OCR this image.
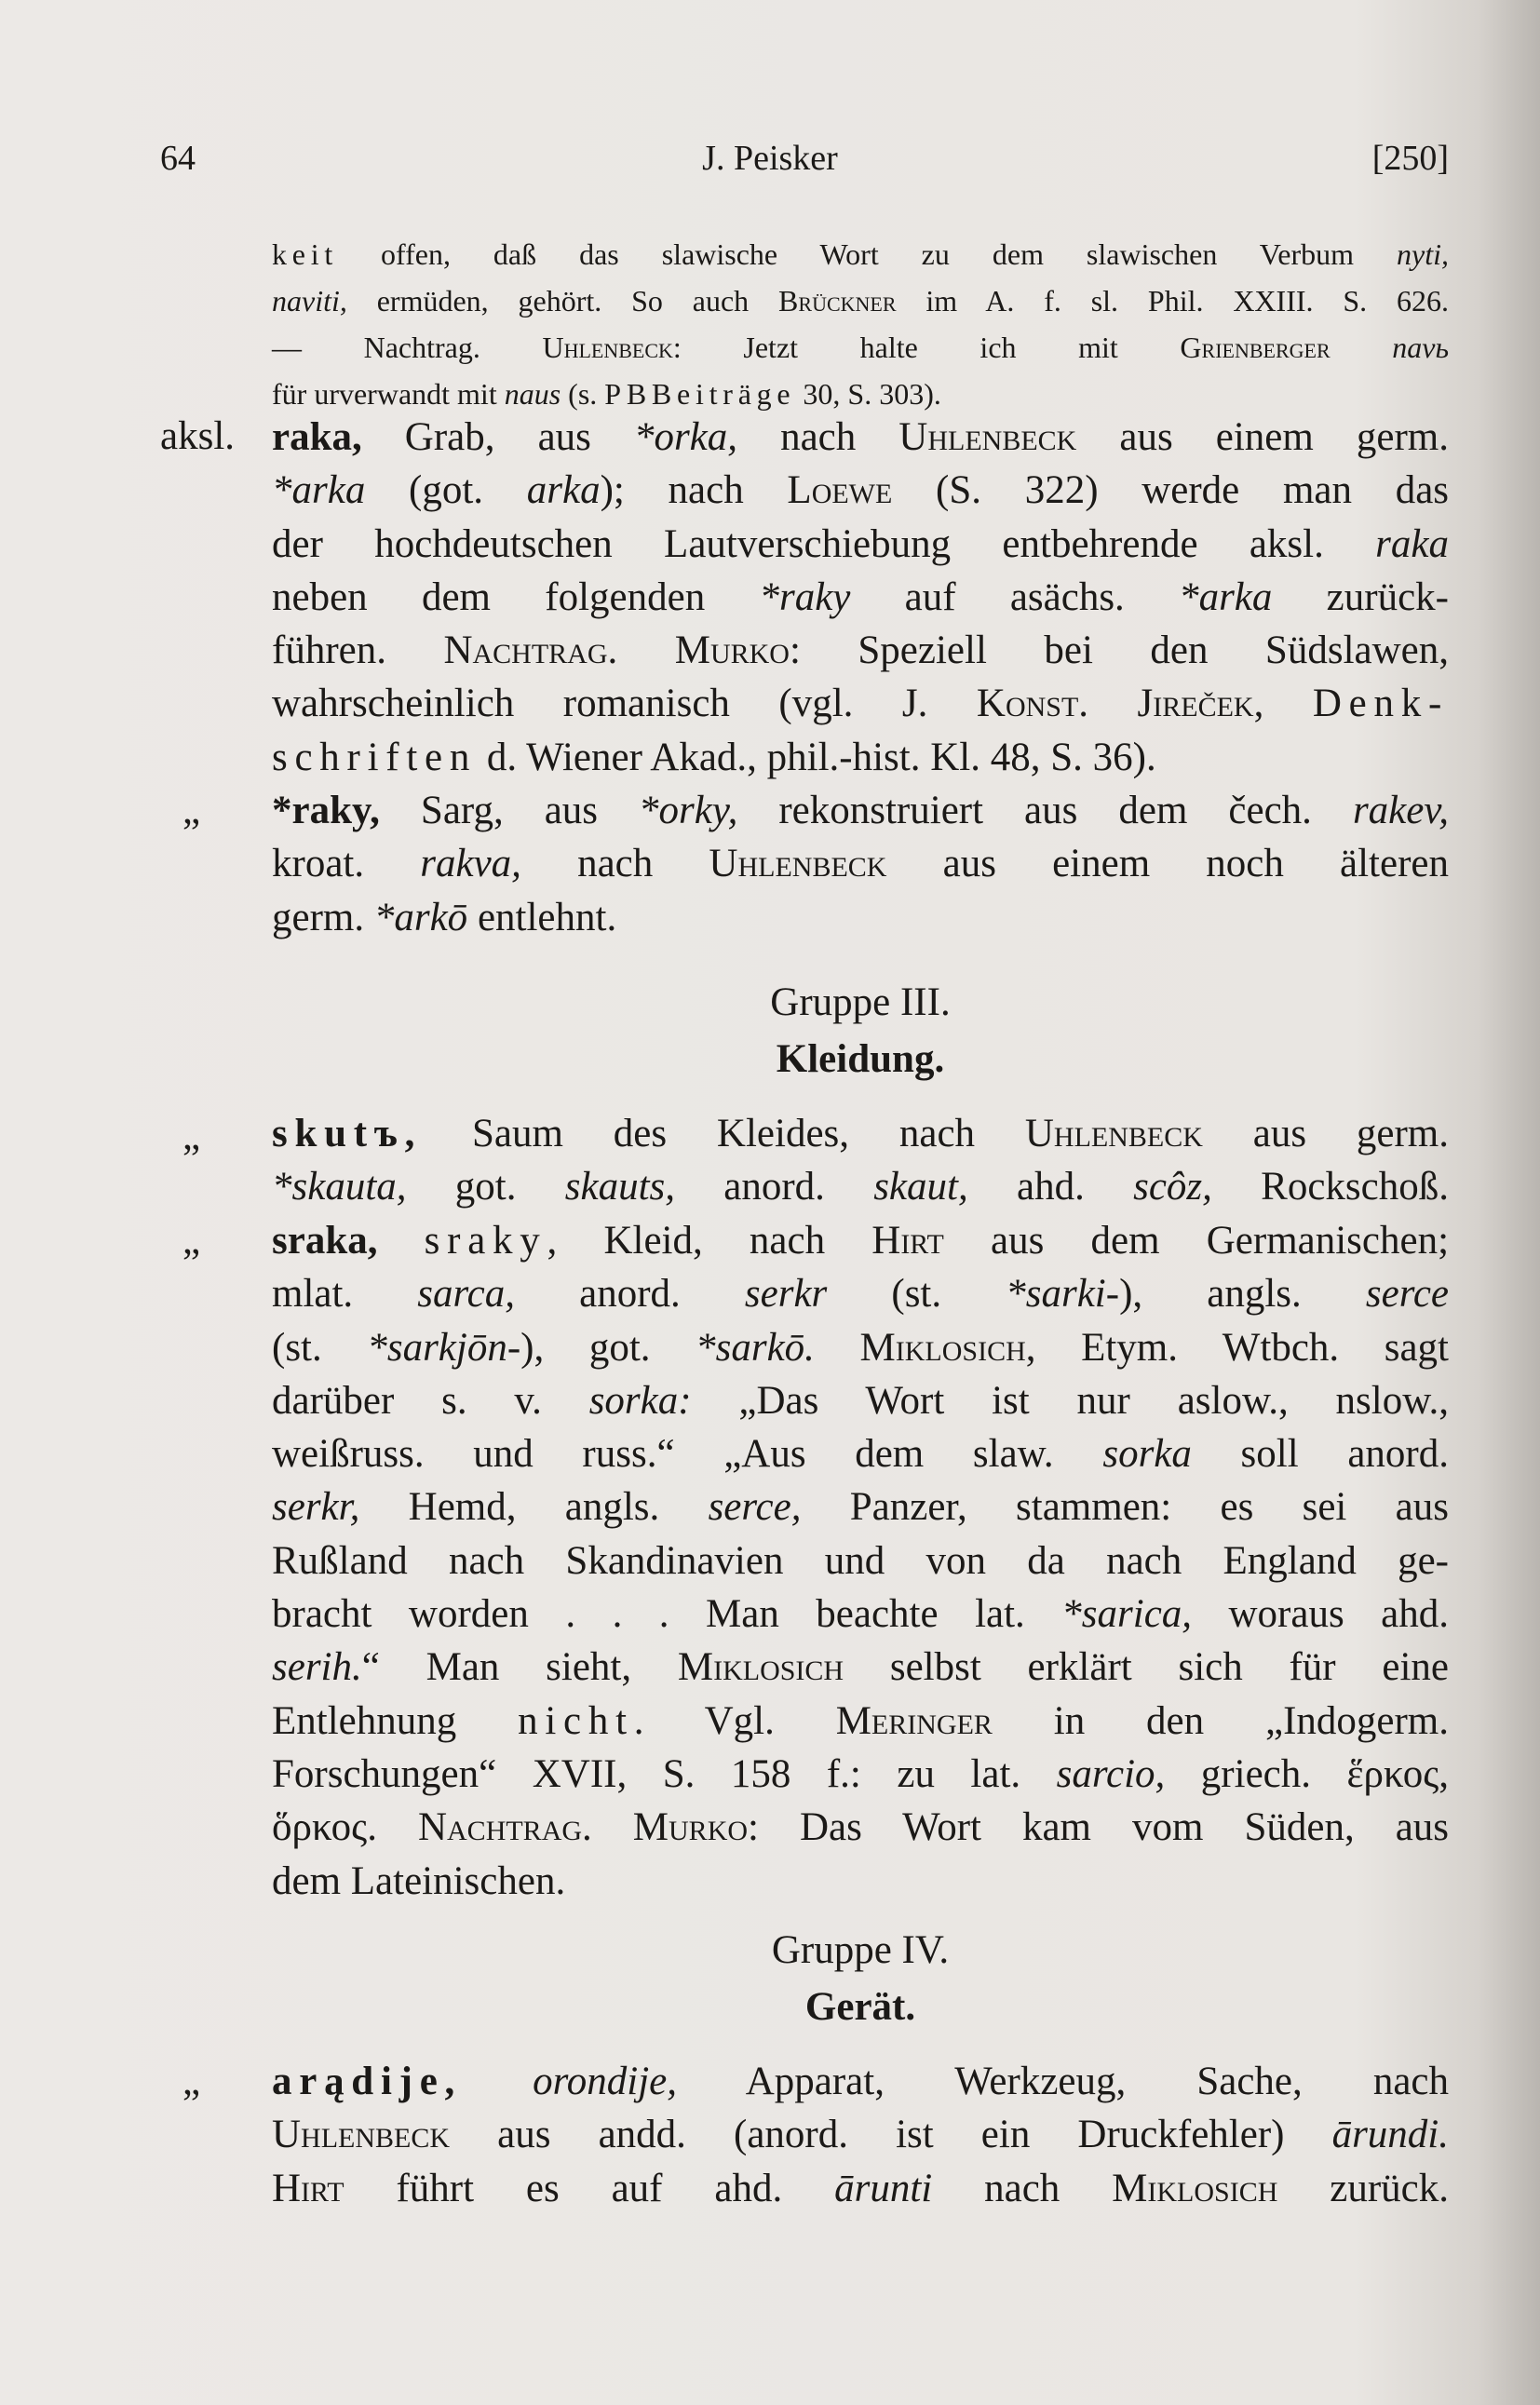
64	J. Peisker	[250]
keit offen, daß das slawische Wort zu dem slawischen Verbum nyti,
naviti, ermüden, gehört. So auch Brückner im A. f. sl. Phil. XXIII. S. 626.
— Nachtrag. Uhlenbeck: Jetzt halte ich mit Grienberger navь
für urverwandt mit naus (s. PBBeiträge 30, S. 303).
aksl. raka, Grab, aus *orka, nach Uhlenbeck aus einem germ.
*arka (got. arka); nach Loewe (S. 322) werde man das
der hochdeutschen Lautverschiebung entbehrende aksl. raka
neben dem folgenden *raky auf asächs. *arka zurück-
führen. Nachtrag. Murko: Speziell bei den Südslawen,
wahrscheinlich romanisch (vgl. J. Konst. Jireček, Denk-
schriften d. Wiener Akad., phil.-hist. Kl. 48, S. 36).
„ *raky, Sarg, aus *orky, rekonstruiert aus dem čech. rakev,
kroat. rakva, nach Uhlenbeck aus einem noch älteren
germ. *arkō entlehnt.
Gruppe III.
Kleidung.
„ skutъ, Saum des Kleides, nach Uhlenbeck aus germ.
*skauta, got. skauts, anord. skaut, ahd. scôz, Rockschoß.
„ sraka, sraky, Kleid, nach Hirt aus dem Germanischen;
mlat. sarca, anord. serkr (st. *sarki-), angls. serce
(st. *sarkjōn-), got. *sarkō. Miklosich, Etym. Wtbch. sagt
darüber s. v. sorka: „Das Wort ist nur aslow., nslow.,
weißruss. und russ.“ „Aus dem slaw. sorka soll anord.
serkr, Hemd, angls. serce, Panzer, stammen: es sei aus
Rußland nach Skandinavien und von da nach England ge-
bracht worden . . . Man beachte lat. *sarica, woraus ahd.
serih.“ Man sieht, Miklosich selbst erklärt sich für eine
Entlehnung nicht. Vgl. Meringer in den „Indogerm.
Forschungen“ XVII, S. 158 f.: zu lat. sarcio, griech. ἕρκος,
ὅρκος. Nachtrag. Murko: Das Wort kam vom Süden, aus
dem Lateinischen.
Gruppe IV.
Gerät.
„ arądije, orondije, Apparat, Werkzeug, Sache, nach
Uhlenbeck aus andd. (anord. ist ein Druckfehler) ārundi.
Hirt führt es auf ahd. ārunti nach Miklosich zurück.
